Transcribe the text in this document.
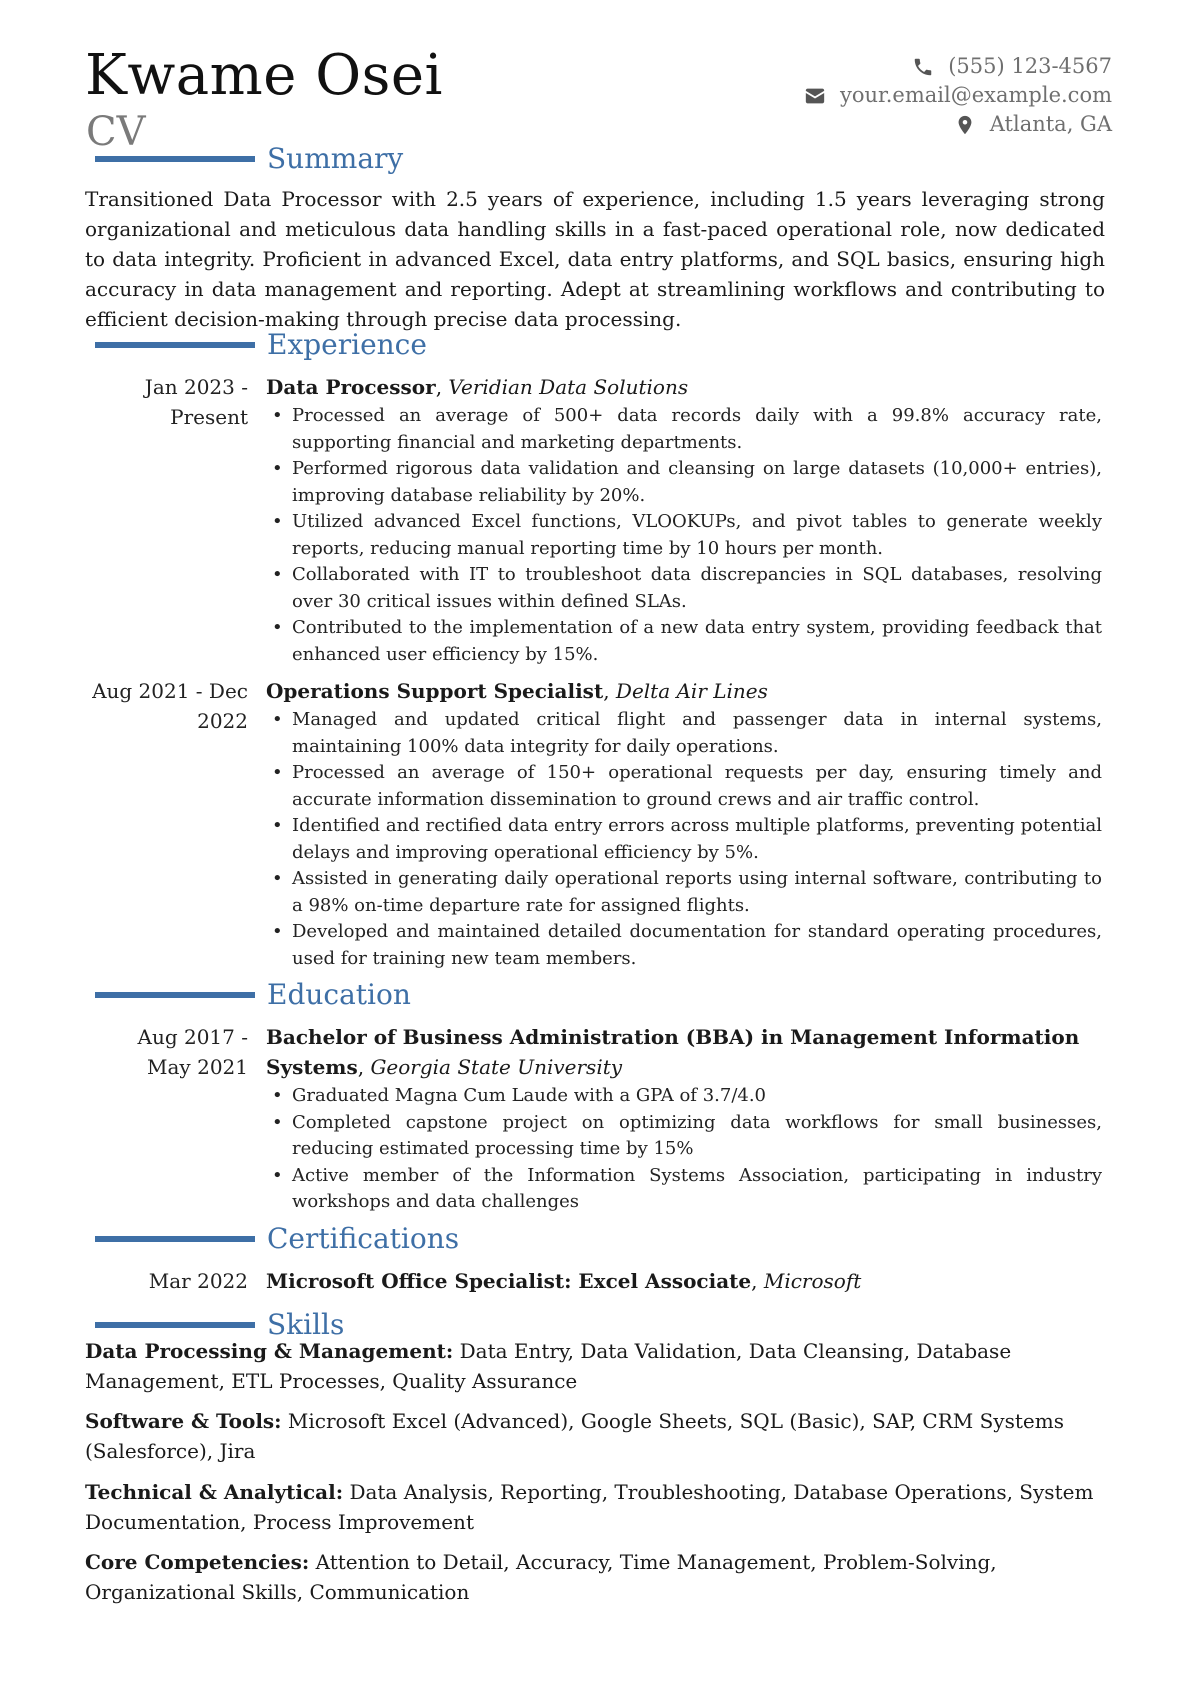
Kwame Osei
CV
(555) 123-4567
your.email@example.com
Atlanta, GA
Summary
Transitioned Data Processor with 2.5 years of experience, including 1.5 years leveraging strong organizational and meticulous data handling skills in a fast-paced operational role, now dedicated to data integrity. Proficient in advanced Excel, data entry platforms, and SQL basics, ensuring high accuracy in data management and reporting. Adept at streamlining workflows and contributing to efficient decision-making through precise data processing.
Experience
Jan 2023 - Present
Data Processor, Veridian Data Solutions
• Processed an average of 500+ data records daily with a 99.8% accuracy rate, supporting financial and marketing departments.
• Performed rigorous data validation and cleansing on large datasets (10,000+ entries), improving database reliability by 20%.
• Utilized advanced Excel functions, VLOOKUPs, and pivot tables to generate weekly reports, reducing manual reporting time by 10 hours per month.
• Collaborated with IT to troubleshoot data discrepancies in SQL databases, resolving over 30 critical issues within defined SLAs.
• Contributed to the implementation of a new data entry system, providing feedback that enhanced user efficiency by 15%.
Aug 2021 - Dec 2022
Operations Support Specialist, Delta Air Lines
• Managed and updated critical flight and passenger data in internal systems, maintaining 100% data integrity for daily operations.
• Processed an average of 150+ operational requests per day, ensuring timely and accurate information dissemination to ground crews and air traffic control.
• Identified and rectified data entry errors across multiple platforms, preventing potential delays and improving operational efficiency by 5%.
• Assisted in generating daily operational reports using internal software, contributing to a 98% on-time departure rate for assigned flights.
• Developed and maintained detailed documentation for standard operating procedures, used for training new team members.
Education
Aug 2017 - May 2021
Bachelor of Business Administration (BBA) in Management Information Systems, Georgia State University
• Graduated Magna Cum Laude with a GPA of 3.7/4.0
• Completed capstone project on optimizing data workflows for small businesses, reducing estimated processing time by 15%
• Active member of the Information Systems Association, participating in industry workshops and data challenges
Certifications
Mar 2022 Microsoft Office Specialist: Excel Associate, Microsoft
Skills
Data Processing & Management: Data Entry, Data Validation, Data Cleansing, Database Management, ETL Processes, Quality Assurance
Software & Tools: Microsoft Excel (Advanced), Google Sheets, SQL (Basic), SAP, CRM Systems (Salesforce), Jira
Technical & Analytical: Data Analysis, Reporting, Troubleshooting, Database Operations, System Documentation, Process Improvement
Core Competencies: Attention to Detail, Accuracy, Time Management, Problem-Solving, Organizational Skills, Communication
